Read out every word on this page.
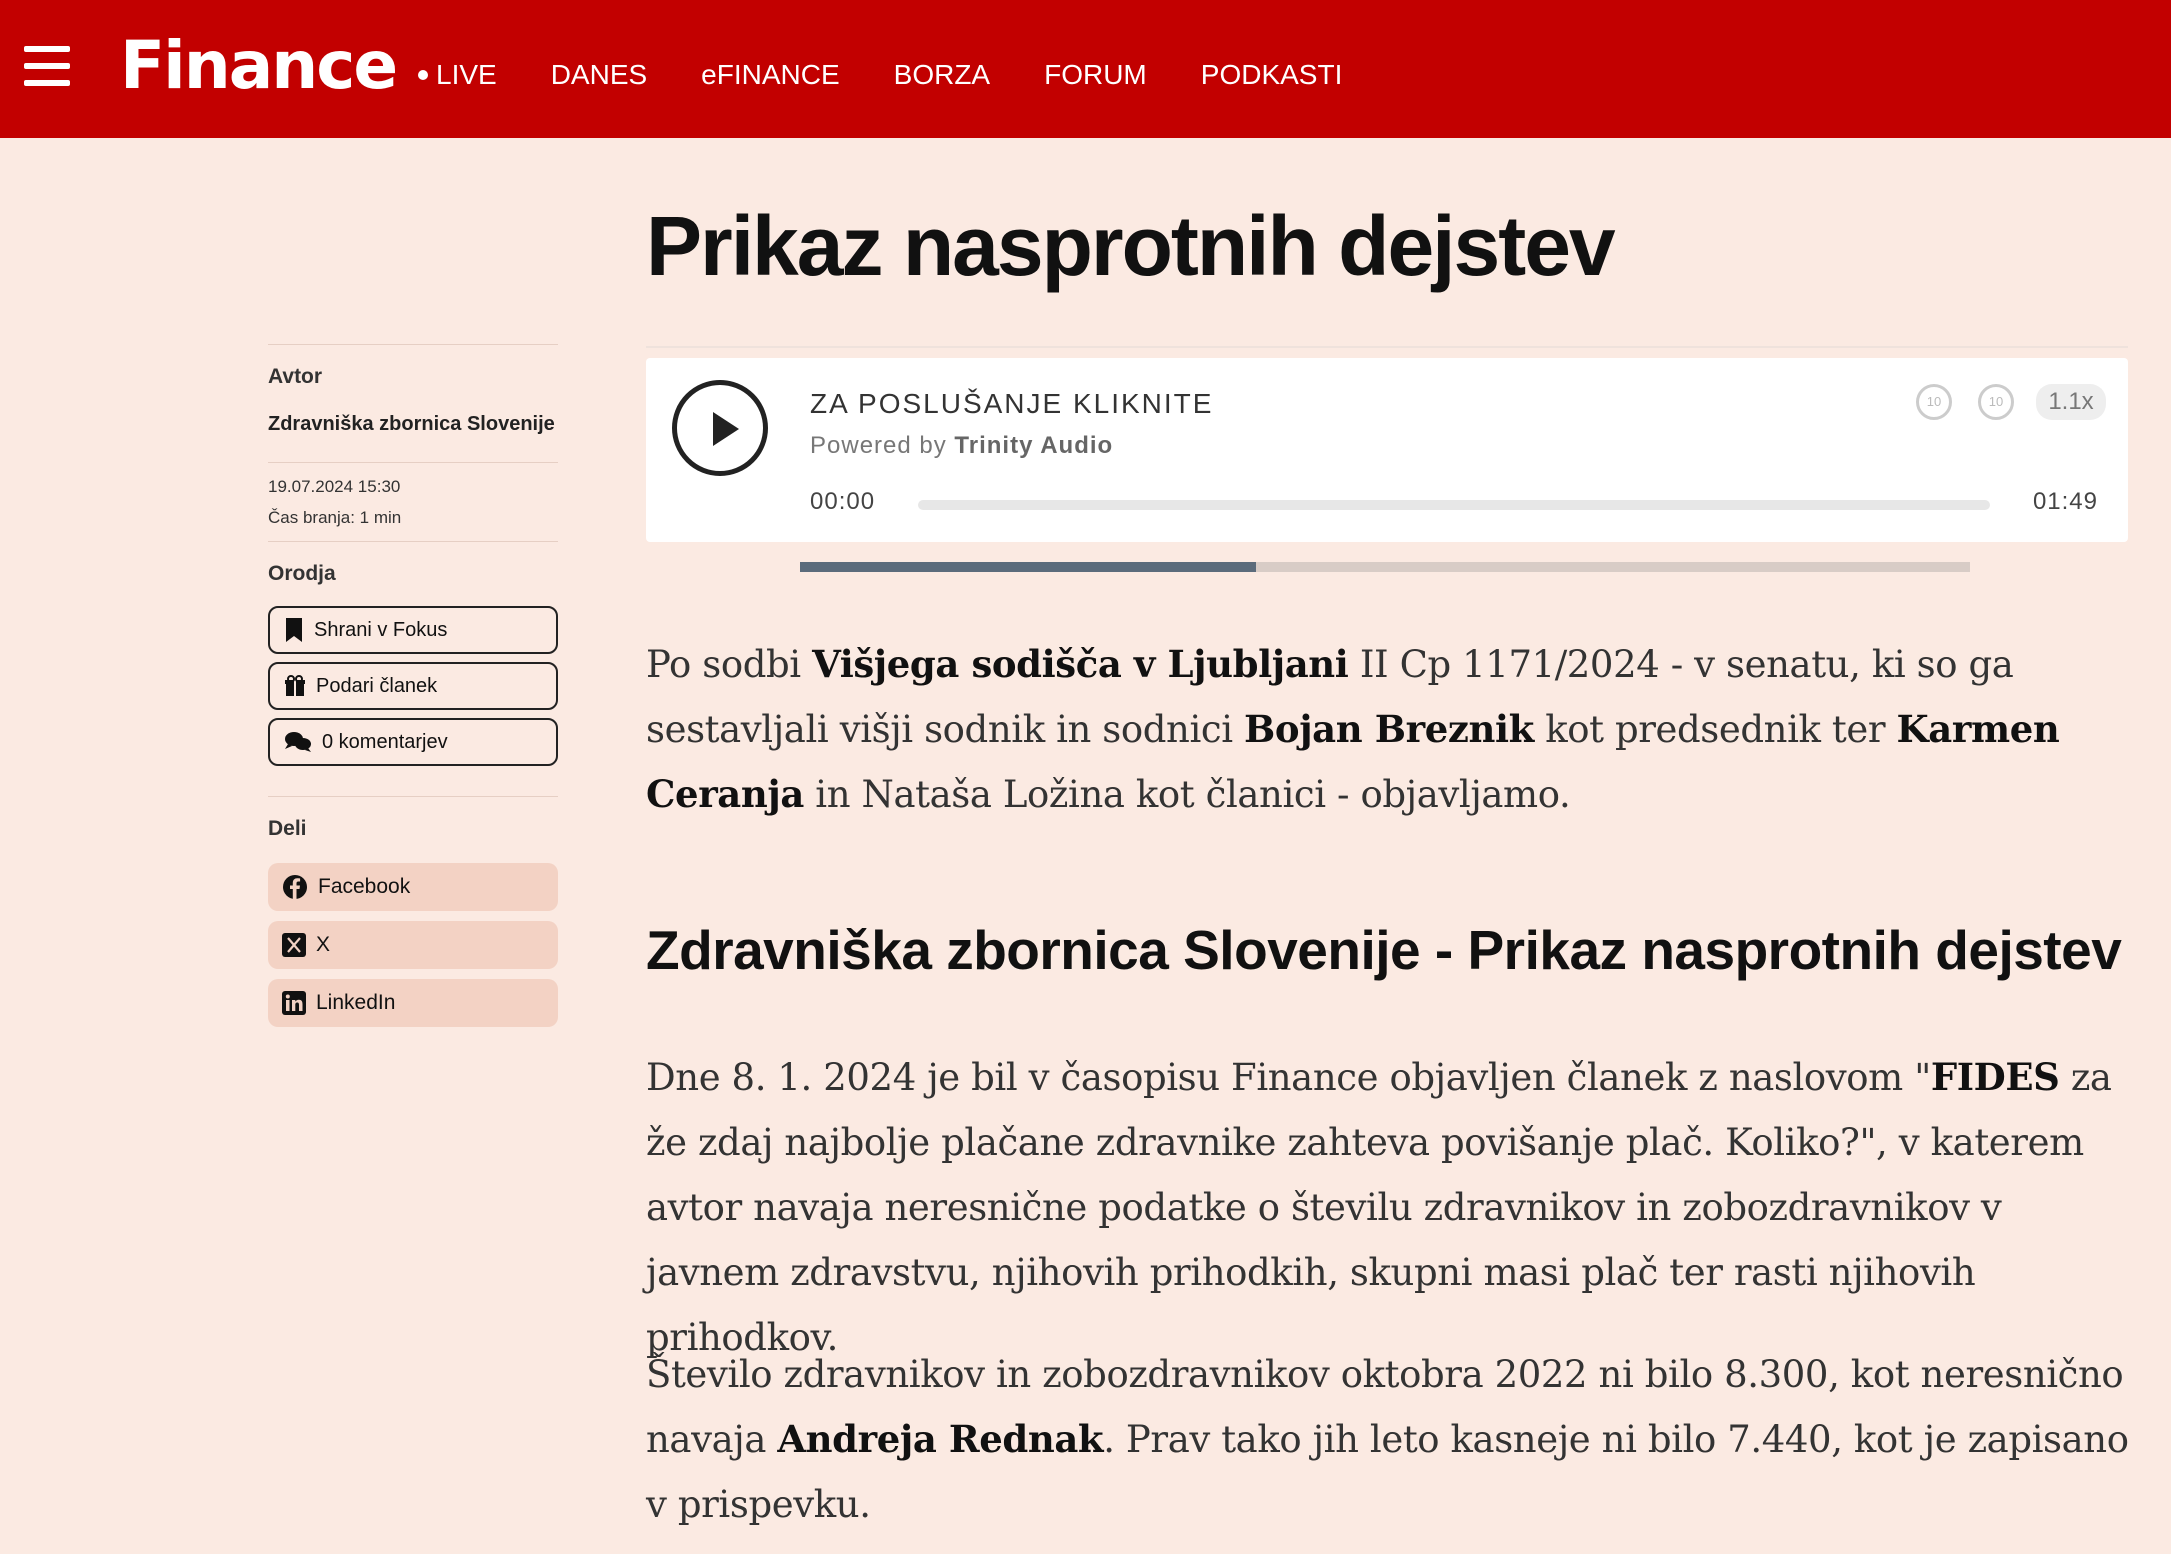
Finance LIVE DANES eFINANCE BORZA FORUM PODKASTI
Avtor
Zdravniška zbornica Slovenije
19.07.2024 15:30
Čas branja: 1 min
Orodja
Shrani v Fokus
Podari članek
0 komentarjev
Deli
Facebook
X
LinkedIn
Prikaz nasprotnih dejstev
ZA POSLUŠANJE KLIKNITE
Powered by Trinity Audio
10	10	1.1x
00:00	01:49
Po sodbi Višjega sodišča v Ljubljani II Cp 1171/2024 - v senatu, ki so ga sestavljali višji sodnik in sodnici Bojan Breznik kot predsednik ter Karmen Ceranja in Nataša Ložina kot članici - objavljamo.
Zdravniška zbornica Slovenije - Prikaz nasprotnih dejstev
Dne 8. 1. 2024 je bil v časopisu Finance objavljen članek z naslovom "FIDES za že zdaj najbolje plačane zdravnike zahteva povišanje plač. Koliko?", v katerem avtor navaja neresnične podatke o številu zdravnikov in zobozdravnikov v javnem zdravstvu, njihovih prihodkih, skupni masi plač ter rasti njihovih prihodkov.
Število zdravnikov in zobozdravnikov oktobra 2022 ni bilo 8.300, kot neresnično navaja Andreja Rednak. Prav tako jih leto kasneje ni bilo 7.440, kot je zapisano v prispevku.
